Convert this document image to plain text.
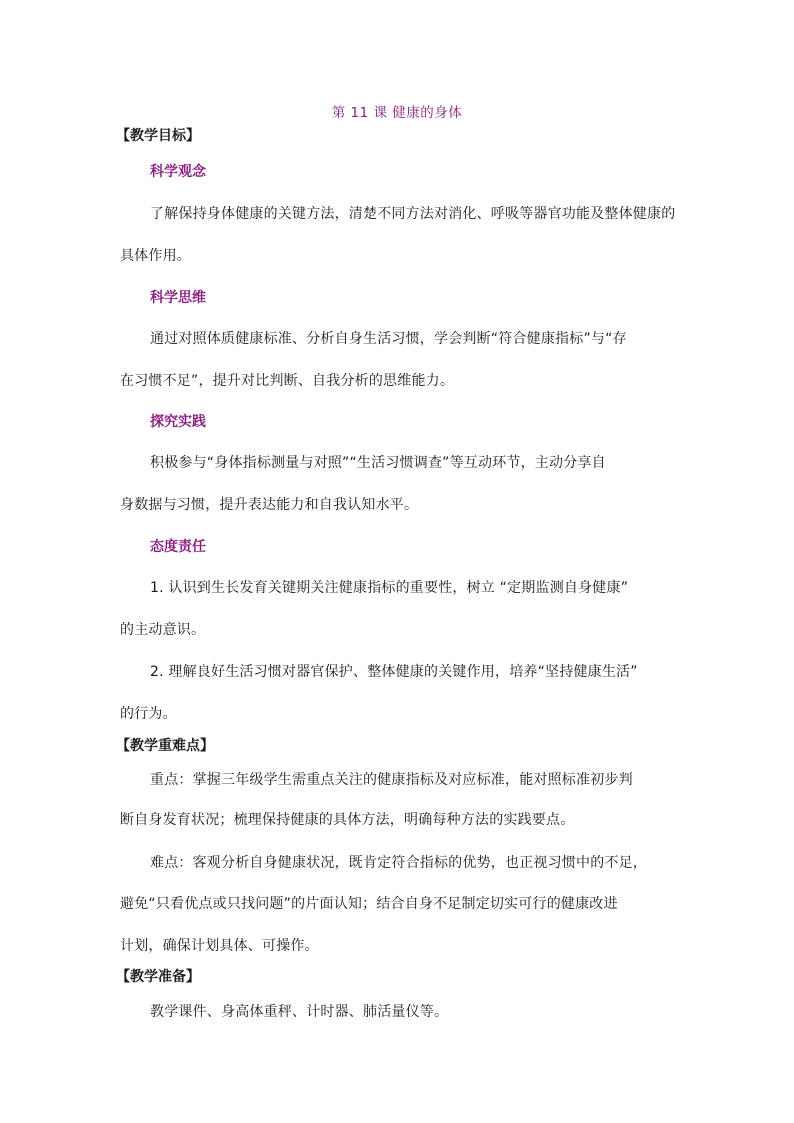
第 11 课 健康的身体
【教学目标】
科学观念
了解保持身体健康的关键方法，清楚不同方法对消化、呼吸等器官功能及整体健康的
具体作用。
科学思维
通过对照体质健康标准、分析自身生活习惯，学会判断“符合健康指标”与“存
在习惯不足”，提升对比判断、自我分析的思维能力。
探究实践
积极参与“身体指标测量与对照”“生活习惯调查”等互动环节，主动分享自
身数据与习惯，提升表达能力和自我认知水平。
态度责任
1. 认识到生长发育关键期关注健康指标的重要性，树立 “定期监测自身健康”
的主动意识。
2. 理解良好生活习惯对器官保护、整体健康的关键作用，培养“坚持健康生活”
的行为。
【教学重难点】
重点：掌握三年级学生需重点关注的健康指标及对应标准，能对照标准初步判
断自身发育状况；梳理保持健康的具体方法，明确每种方法的实践要点。
难点：客观分析自身健康状况，既肯定符合指标的优势，也正视习惯中的不足，
避免“只看优点或只找问题”的片面认知；结合自身不足制定切实可行的健康改进
计划，确保计划具体、可操作。
【教学准备】
教学课件、身高体重秤、计时器、肺活量仪等。
